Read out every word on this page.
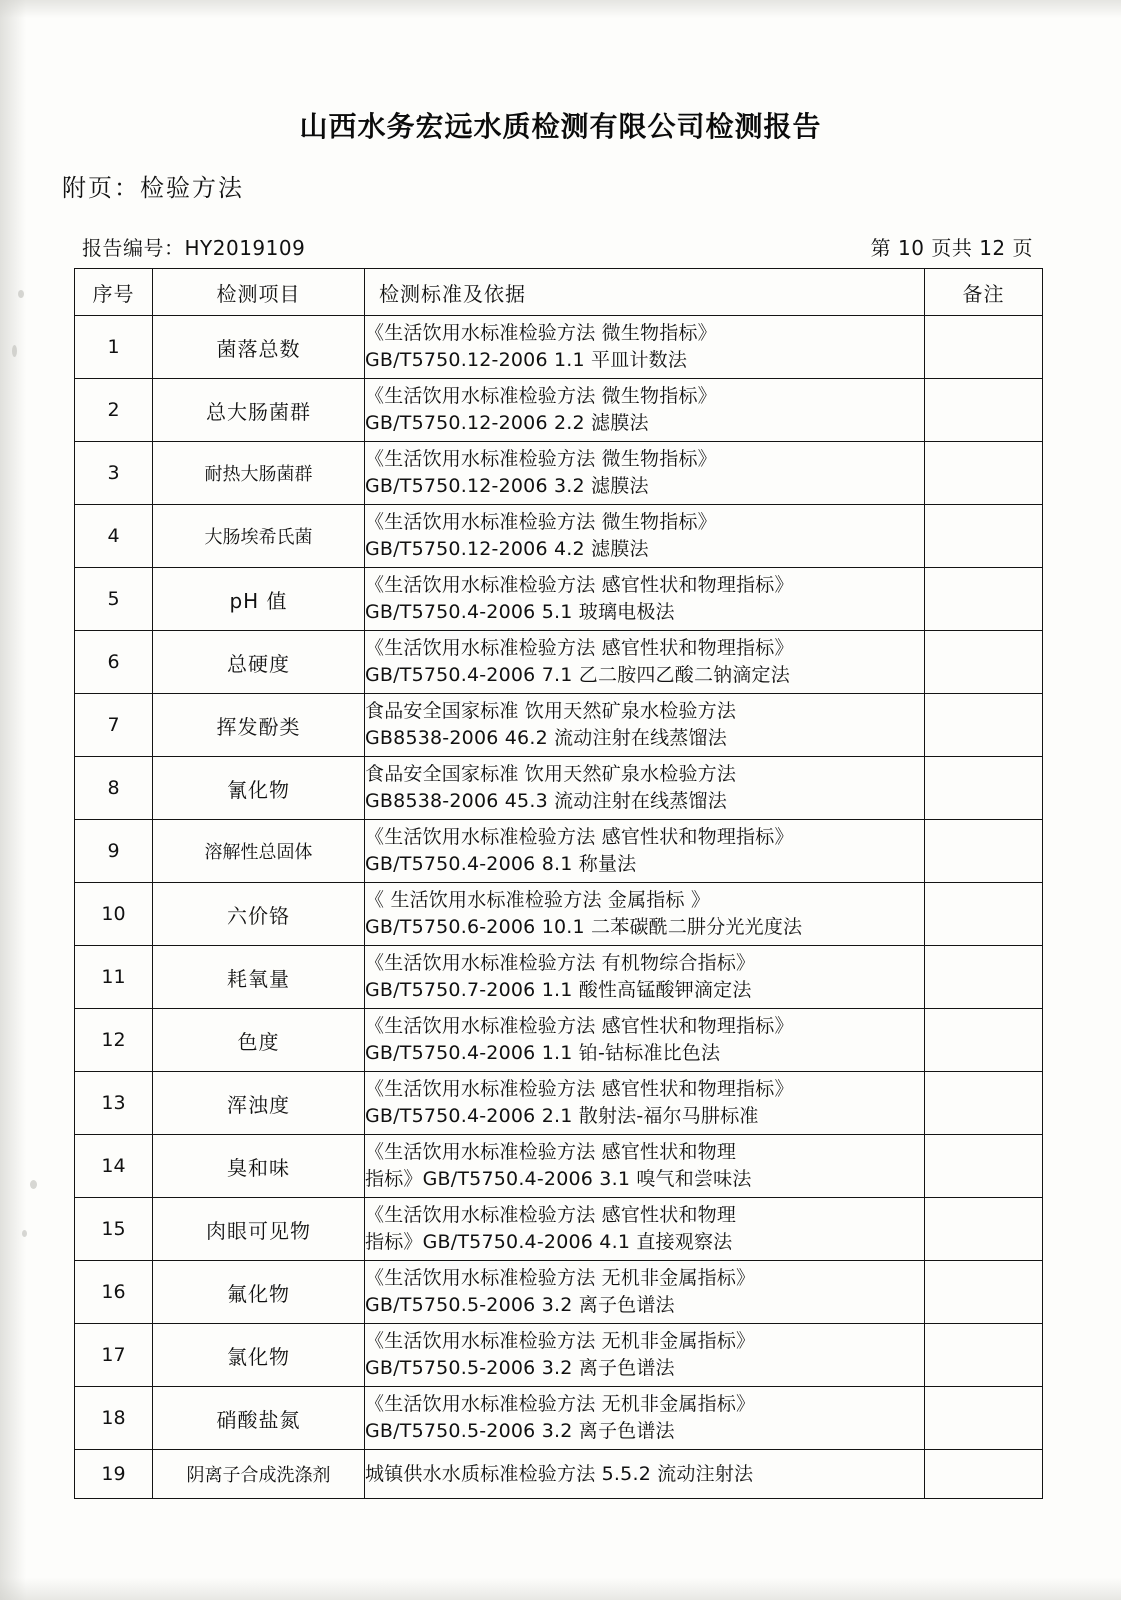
山西水务宏远水质检测有限公司检测报告
附页：检验方法
报告编号：HY2019109	第 10 页共 12 页
序号	检测项目	检测标准及依据	备注
1	菌落总数	《生活饮用水标准检验方法 微生物指标》
GB/T5750.12-2006 1.1 平皿计数法	

2	总大肠菌群	《生活饮用水标准检验方法 微生物指标》
GB/T5750.12-2006 2.2 滤膜法	

3	耐热大肠菌群	《生活饮用水标准检验方法 微生物指标》
GB/T5750.12-2006 3.2 滤膜法	

4	大肠埃希氏菌	《生活饮用水标准检验方法 微生物指标》
GB/T5750.12-2006 4.2 滤膜法	

5	pH 值	《生活饮用水标准检验方法 感官性状和物理指标》
GB/T5750.4-2006 5.1 玻璃电极法	

6	总硬度	《生活饮用水标准检验方法 感官性状和物理指标》
GB/T5750.4-2006 7.1 乙二胺四乙酸二钠滴定法	

7	挥发酚类	食品安全国家标准 饮用天然矿泉水检验方法
GB8538-2006 46.2 流动注射在线蒸馏法	

8	氰化物	食品安全国家标准 饮用天然矿泉水检验方法
GB8538-2006 45.3 流动注射在线蒸馏法	

9	溶解性总固体	《生活饮用水标准检验方法 感官性状和物理指标》
GB/T5750.4-2006 8.1 称量法	

10	六价铬	《 生活饮用水标准检验方法 金属指标 》
GB/T5750.6-2006 10.1 二苯碳酰二肼分光光度法	

11	耗氧量	《生活饮用水标准检验方法 有机物综合指标》
GB/T5750.7-2006 1.1 酸性高锰酸钾滴定法	

12	色度	《生活饮用水标准检验方法 感官性状和物理指标》
GB/T5750.4-2006 1.1 铂-钴标准比色法	

13	浑浊度	《生活饮用水标准检验方法 感官性状和物理指标》
GB/T5750.4-2006 2.1 散射法-福尔马肼标准	

14	臭和味	《生活饮用水标准检验方法 感官性状和物理
指标》GB/T5750.4-2006 3.1 嗅气和尝味法	

15	肉眼可见物	《生活饮用水标准检验方法 感官性状和物理
指标》GB/T5750.4-2006 4.1 直接观察法	

16	氟化物	《生活饮用水标准检验方法 无机非金属指标》
GB/T5750.5-2006 3.2 离子色谱法	

17	氯化物	《生活饮用水标准检验方法 无机非金属指标》
GB/T5750.5-2006 3.2 离子色谱法	

18	硝酸盐氮	《生活饮用水标准检验方法 无机非金属指标》
GB/T5750.5-2006 3.2 离子色谱法	

19	阴离子合成洗涤剂	城镇供水水质标准检验方法 5.5.2 流动注射法	
